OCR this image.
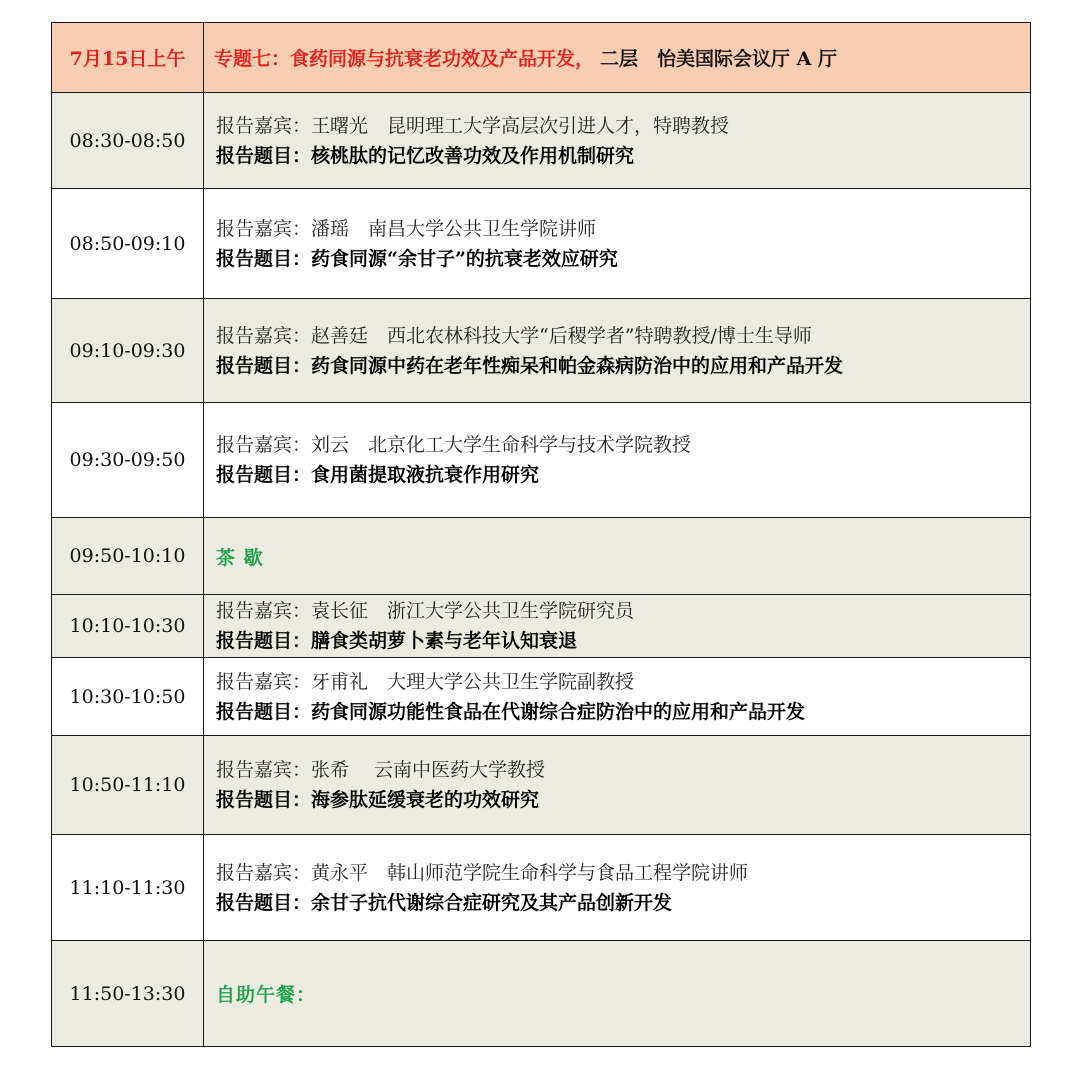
7月15日上午	专题七：食药同源与抗衰老功效及产品开发， 二层　怡美国际会议厅 A 厅
08:30-08:50	报告嘉宾：王曙光　昆明理工大学高层次引进人才，特聘教授
报告题目：核桃肽的记忆改善功效及作用机制研究

08:50-09:10	报告嘉宾：潘瑶　南昌大学公共卫生学院讲师
报告题目：药食同源“余甘子”的抗衰老效应研究

09:10-09:30	报告嘉宾：赵善廷　西北农林科技大学“后稷学者”特聘教授/博士生导师
报告题目：药食同源中药在老年性痴呆和帕金森病防治中的应用和产品开发

09:30-09:50	报告嘉宾：刘云　北京化工大学生命科学与技术学院教授
报告题目：食用菌提取液抗衰作用研究

09:50-10:10	茶 歇
10:10-10:30	报告嘉宾：袁长征　浙江大学公共卫生学院研究员
报告题目：膳食类胡萝卜素与老年认知衰退

10:30-10:50	报告嘉宾：牙甫礼　大理大学公共卫生学院副教授
报告题目：药食同源功能性食品在代谢综合症防治中的应用和产品开发

10:50-11:10	报告嘉宾：张希　 云南中医药大学教授
报告题目：海参肽延缓衰老的功效研究

11:10-11:30	报告嘉宾：黄永平　韩山师范学院生命科学与食品工程学院讲师
报告题目：余甘子抗代谢综合症研究及其产品创新开发

11:50-13:30	自助午餐：
